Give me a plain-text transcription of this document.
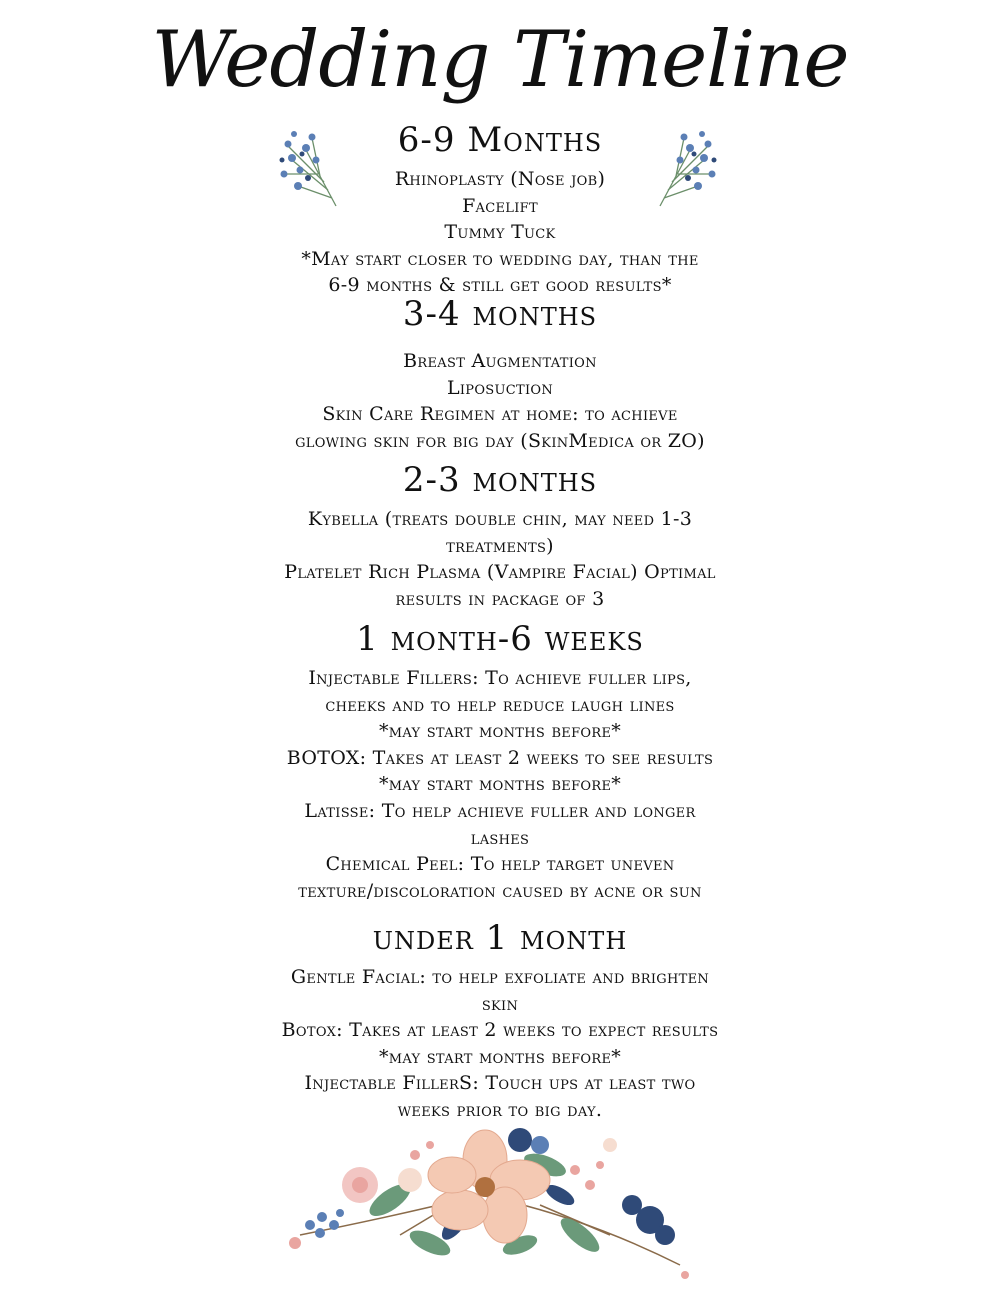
Wedding Timeline
6-9 Months
Rhinoplasty (Nose job)
Facelift
Tummy Tuck
*May start closer to wedding day, than the
6-9 months & still get good results*
3-4 months
Breast Augmentation
Liposuction
Skin Care Regimen at home: to achieve
glowing skin for big day (SkinMedica or ZO)
2-3 months
Kybella (treats double chin, may need 1-3
treatments)
Platelet Rich Plasma (Vampire Facial) Optimal
results in package of 3
1 month-6 weeks
Injectable Fillers: To achieve fuller lips,
cheeks and to help reduce laugh lines
*may start months before*
BOTOX: Takes at least 2 weeks to see results
*may start months before*
Latisse: To help achieve fuller and longer
lashes
Chemical Peel: To help target uneven
texture/discoloration caused by acne or sun
under 1 month
Gentle Facial: to help exfoliate and brighten
skin
Botox: Takes at least 2 weeks to expect results
*may start months before*
Injectable FillerS: Touch ups at least two
weeks prior to big day.
